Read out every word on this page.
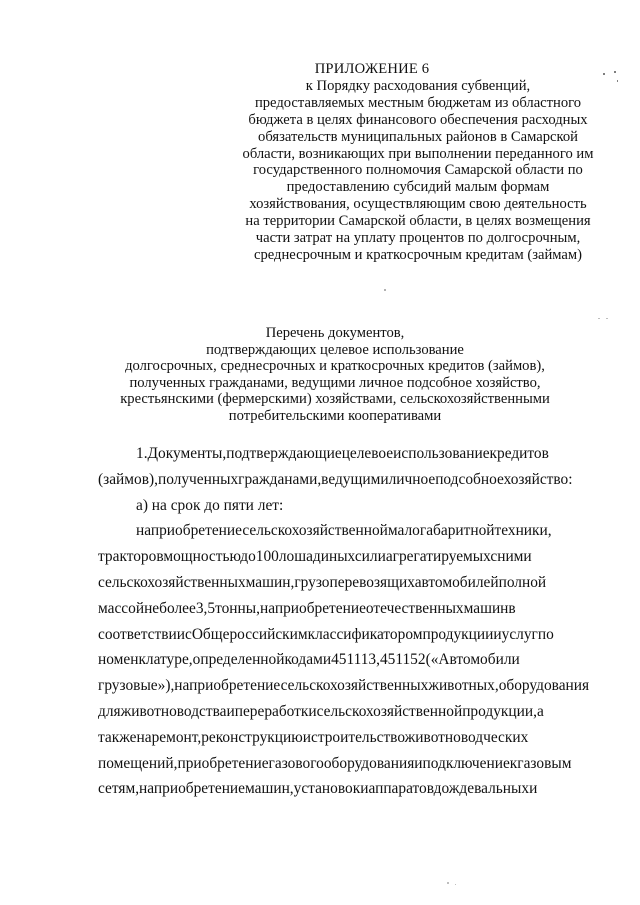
ПРИЛОЖЕНИЕ 6
к Порядку расходования субвенций,
предоставляемых местным бюджетам из областного
бюджета в целях финансового обеспечения расходных
обязательств муниципальных районов в Самарской
области, возникающих при выполнении переданного им
государственного полномочия Самарской области по
предоставлению субсидий малым формам
хозяйствования, осуществляющим свою деятельность
на территории Самарской области, в целях возмещения
части затрат на уплату процентов по долгосрочным,
среднесрочным и краткосрочным кредитам (займам)
Перечень документов,
подтверждающих целевое использование
долгосрочных, среднесрочных и краткосрочных кредитов (займов),
полученных гражданами, ведущими личное подсобное хозяйство,
крестьянскими (фермерскими) хозяйствами, сельскохозяйственными
потребительскими кооперативами
1.Документы,подтверждающиецелевоеиспользованиекредитов
(займов),полученныхгражданами,ведущимиличноеподсобноехозяйство:
а) на срок до пяти лет:
наприобретениесельскохозяйственноймалогабаритнойтехники,
тракторовмощностьюдо100лошадиныхсилиагрегатируемыхсними
сельскохозяйственныхмашин,грузоперевозящихавтомобилейполной
массойнеболее3,5тонны,наприобретениеотечественныхмашинв
соответствиисОбщероссийскимклассификаторомпродукциииуслугпо
номенклатуре,определеннойкодами451113,451152(«Автомобили
грузовые»),наприобретениесельскохозяйственныхживотных,оборудования
дляживотноводстваипереработкисельскохозяйственнойпродукции,а
такженаремонт,реконструкциюистроительствоживотноводческих
помещений,приобретениегазовогооборудованияиподключениекгазовым
сетям,наприобретениемашин,установокиаппаратовдождевальныхи
